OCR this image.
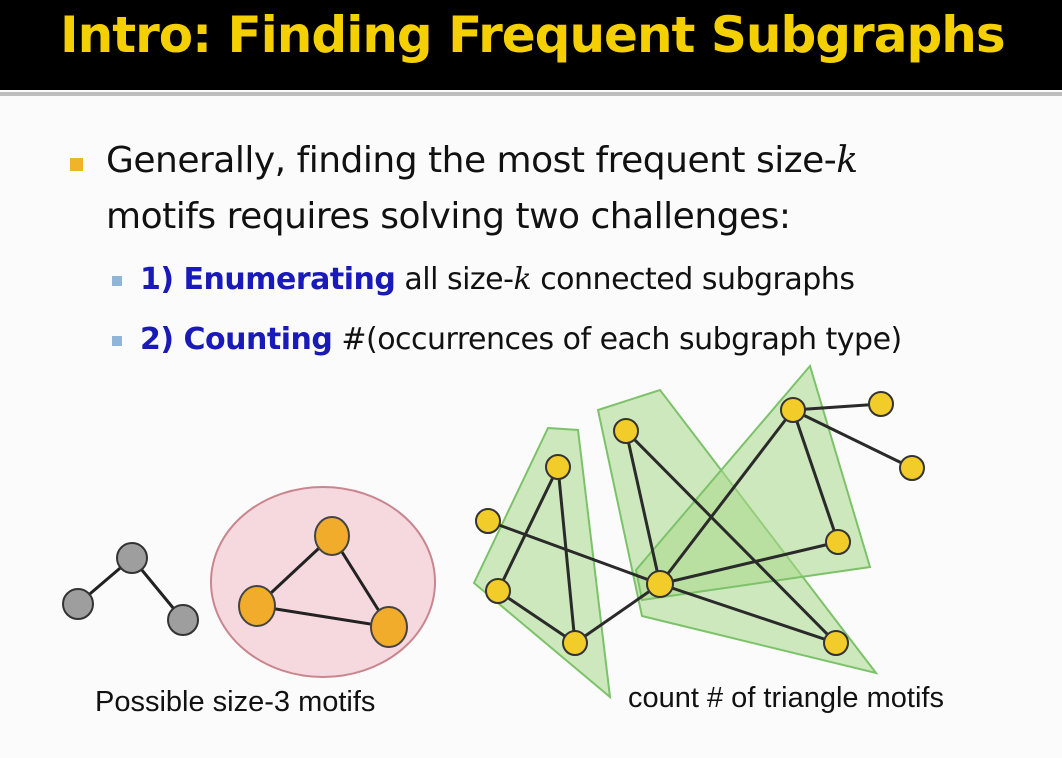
Intro: Finding Frequent Subgraphs
Generally, finding the most frequent size-k
motifs requires solving two challenges:
1) Enumerating all size-k connected subgraphs
2) Counting #(occurrences of each subgraph type)
Possible size-3 motifs	count # of triangle motifs
